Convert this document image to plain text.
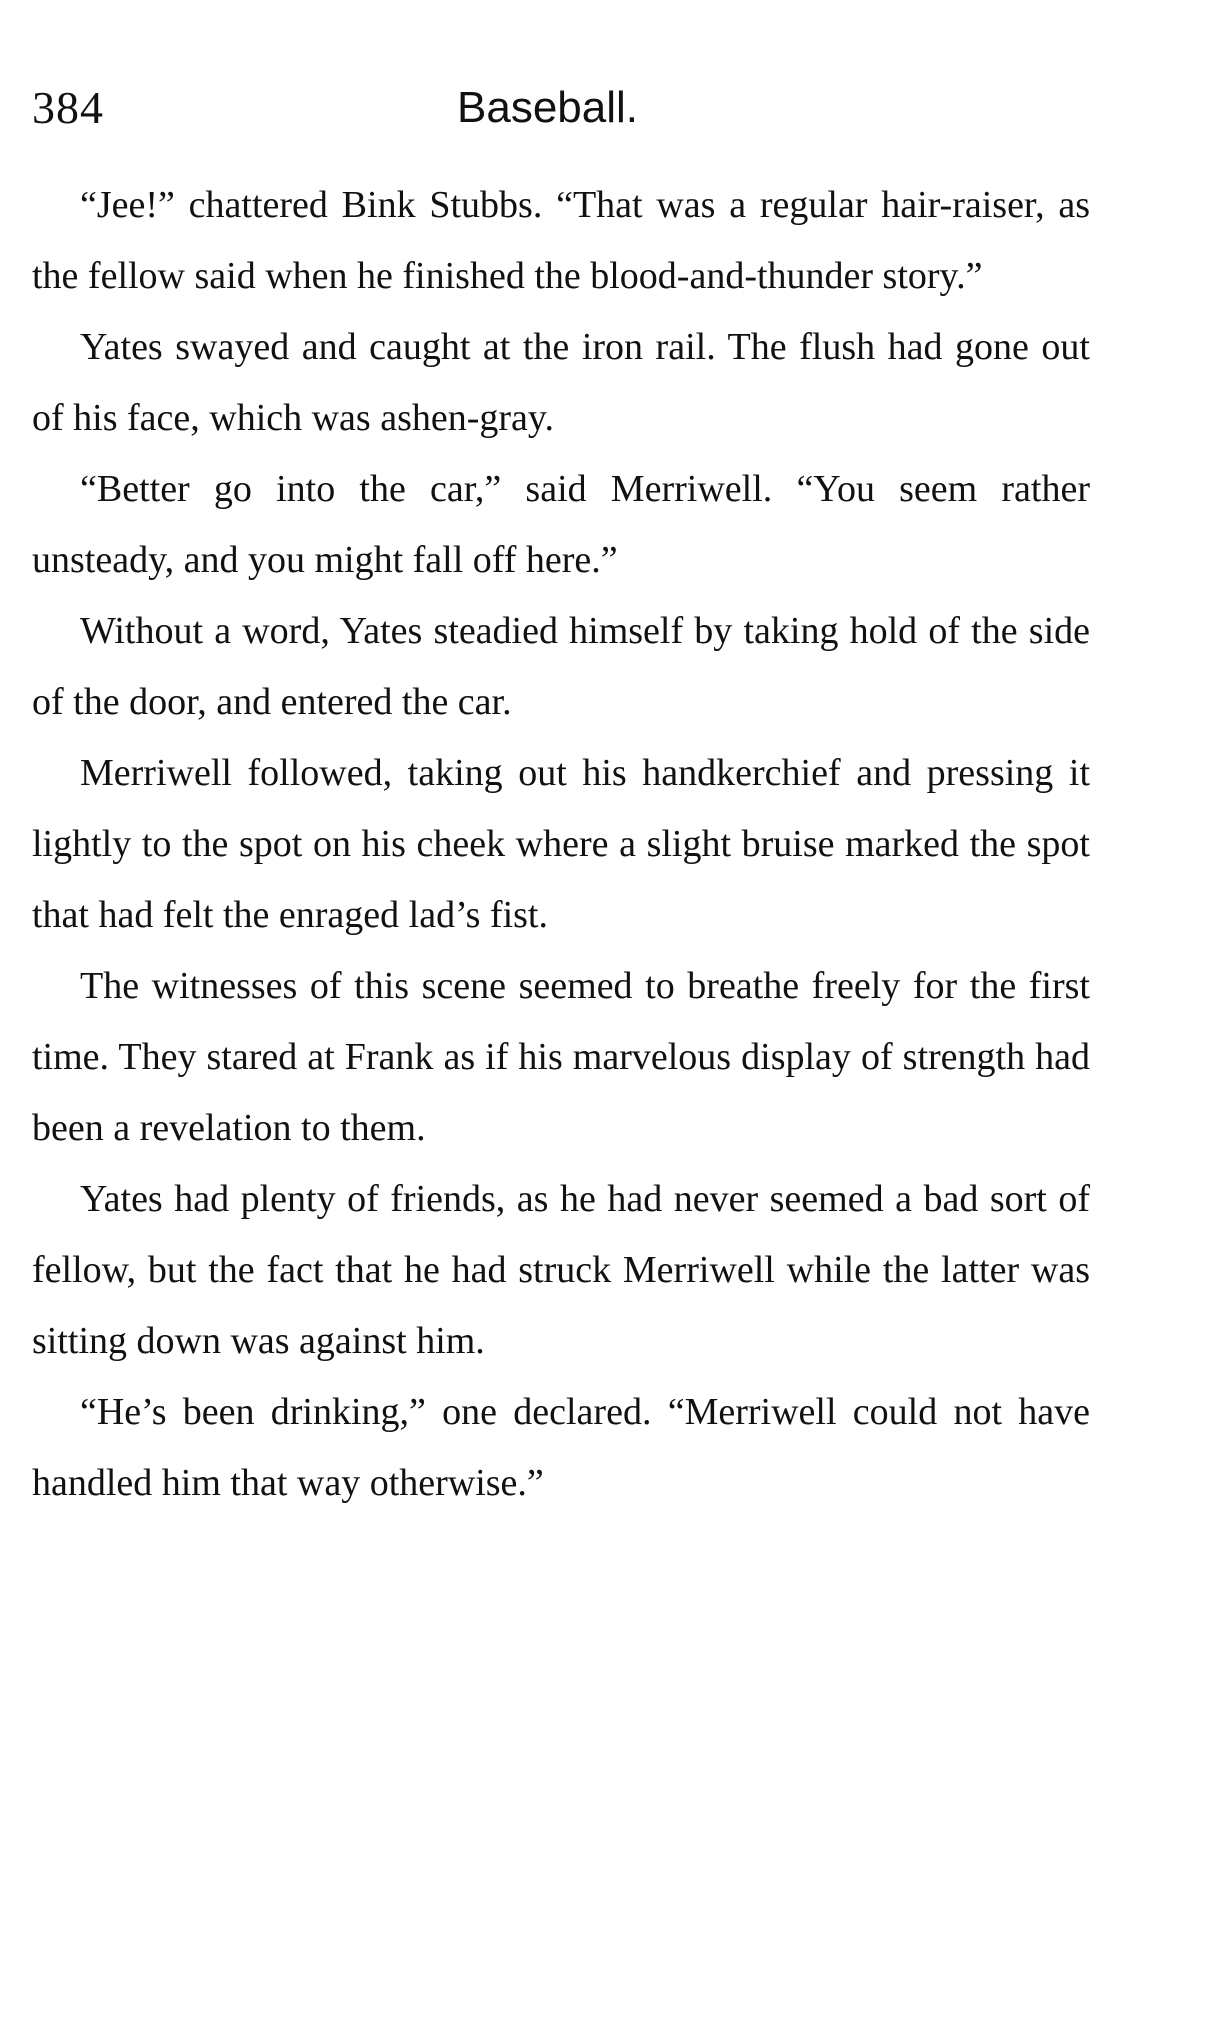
384	Baseball.

“Jee!” chattered Bink Stubbs. “That was a regular hair-raiser, as the fellow said when he finished the blood-and-thunder story.”

Yates swayed and caught at the iron rail. The flush had gone out of his face, which was ashen-gray.

“Better go into the car,” said Merriwell. “You seem rather unsteady, and you might fall off here.”

Without a word, Yates steadied himself by taking hold of the side of the door, and entered the car.

Merriwell followed, taking out his handkerchief and pressing it lightly to the spot on his cheek where a slight bruise marked the spot that had felt the enraged lad’s fist.

The witnesses of this scene seemed to breathe freely for the first time. They stared at Frank as if his marvelous display of strength had been a revelation to them.

Yates had plenty of friends, as he had never seemed a bad sort of fellow, but the fact that he had struck Merriwell while the latter was sitting down was against him.

“He’s been drinking,” one declared. “Merriwell could not have handled him that way otherwise.”
